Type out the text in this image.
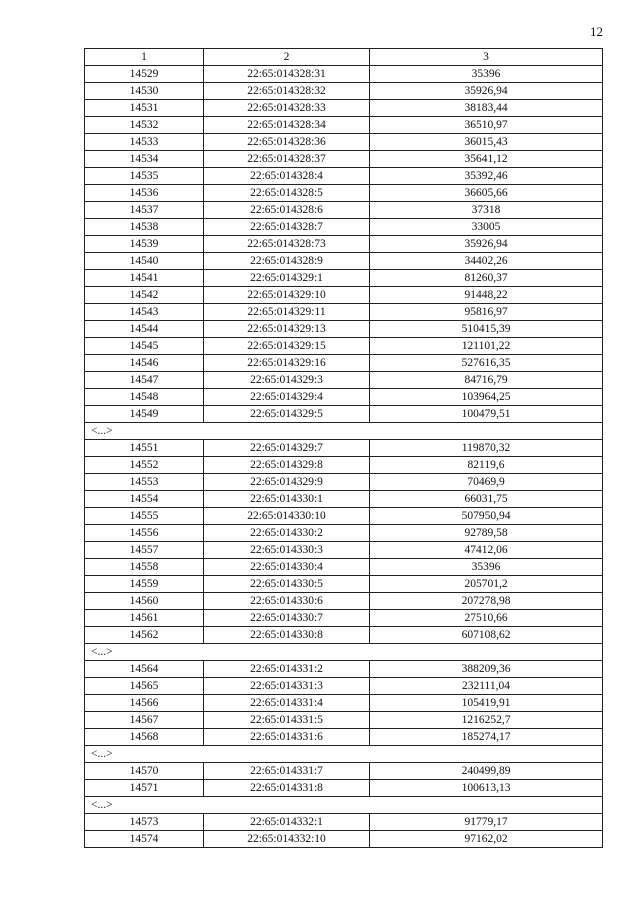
12
1	2	3
14529	22:65:014328:31	35396
14530	22:65:014328:32	35926,94
14531	22:65:014328:33	38183,44
14532	22:65:014328:34	36510,97
14533	22:65:014328:36	36015,43
14534	22:65:014328:37	35641,12
14535	22:65:014328:4	35392,46
14536	22:65:014328:5	36605,66
14537	22:65:014328:6	37318
14538	22:65:014328:7	33005
14539	22:65:014328:73	35926,94
14540	22:65:014328:9	34402,26
14541	22:65:014329:1	81260,37
14542	22:65:014329:10	91448,22
14543	22:65:014329:11	95816,97
14544	22:65:014329:13	510415,39
14545	22:65:014329:15	121101,22
14546	22:65:014329:16	527616,35
14547	22:65:014329:3	84716,79
14548	22:65:014329:4	103964,25
14549	22:65:014329:5	100479,51
<...>		
14551	22:65:014329:7	119870,32
14552	22:65:014329:8	82119,6
14553	22:65:014329:9	70469,9
14554	22:65:014330:1	66031,75
14555	22:65:014330:10	507950,94
14556	22:65:014330:2	92789,58
14557	22:65:014330:3	47412,06
14558	22:65:014330:4	35396
14559	22:65:014330:5	205701,2
14560	22:65:014330:6	207278,98
14561	22:65:014330:7	27510,66
14562	22:65:014330:8	607108,62
<...>		
14564	22:65:014331:2	388209,36
14565	22:65:014331:3	232111,04
14566	22:65:014331:4	105419,91
14567	22:65:014331:5	1216252,7
14568	22:65:014331:6	185274,17
<...>		
14570	22:65:014331:7	240499,89
14571	22:65:014331:8	100613,13
<...>		
14573	22:65:014332:1	91779,17
14574	22:65:014332:10	97162,02
